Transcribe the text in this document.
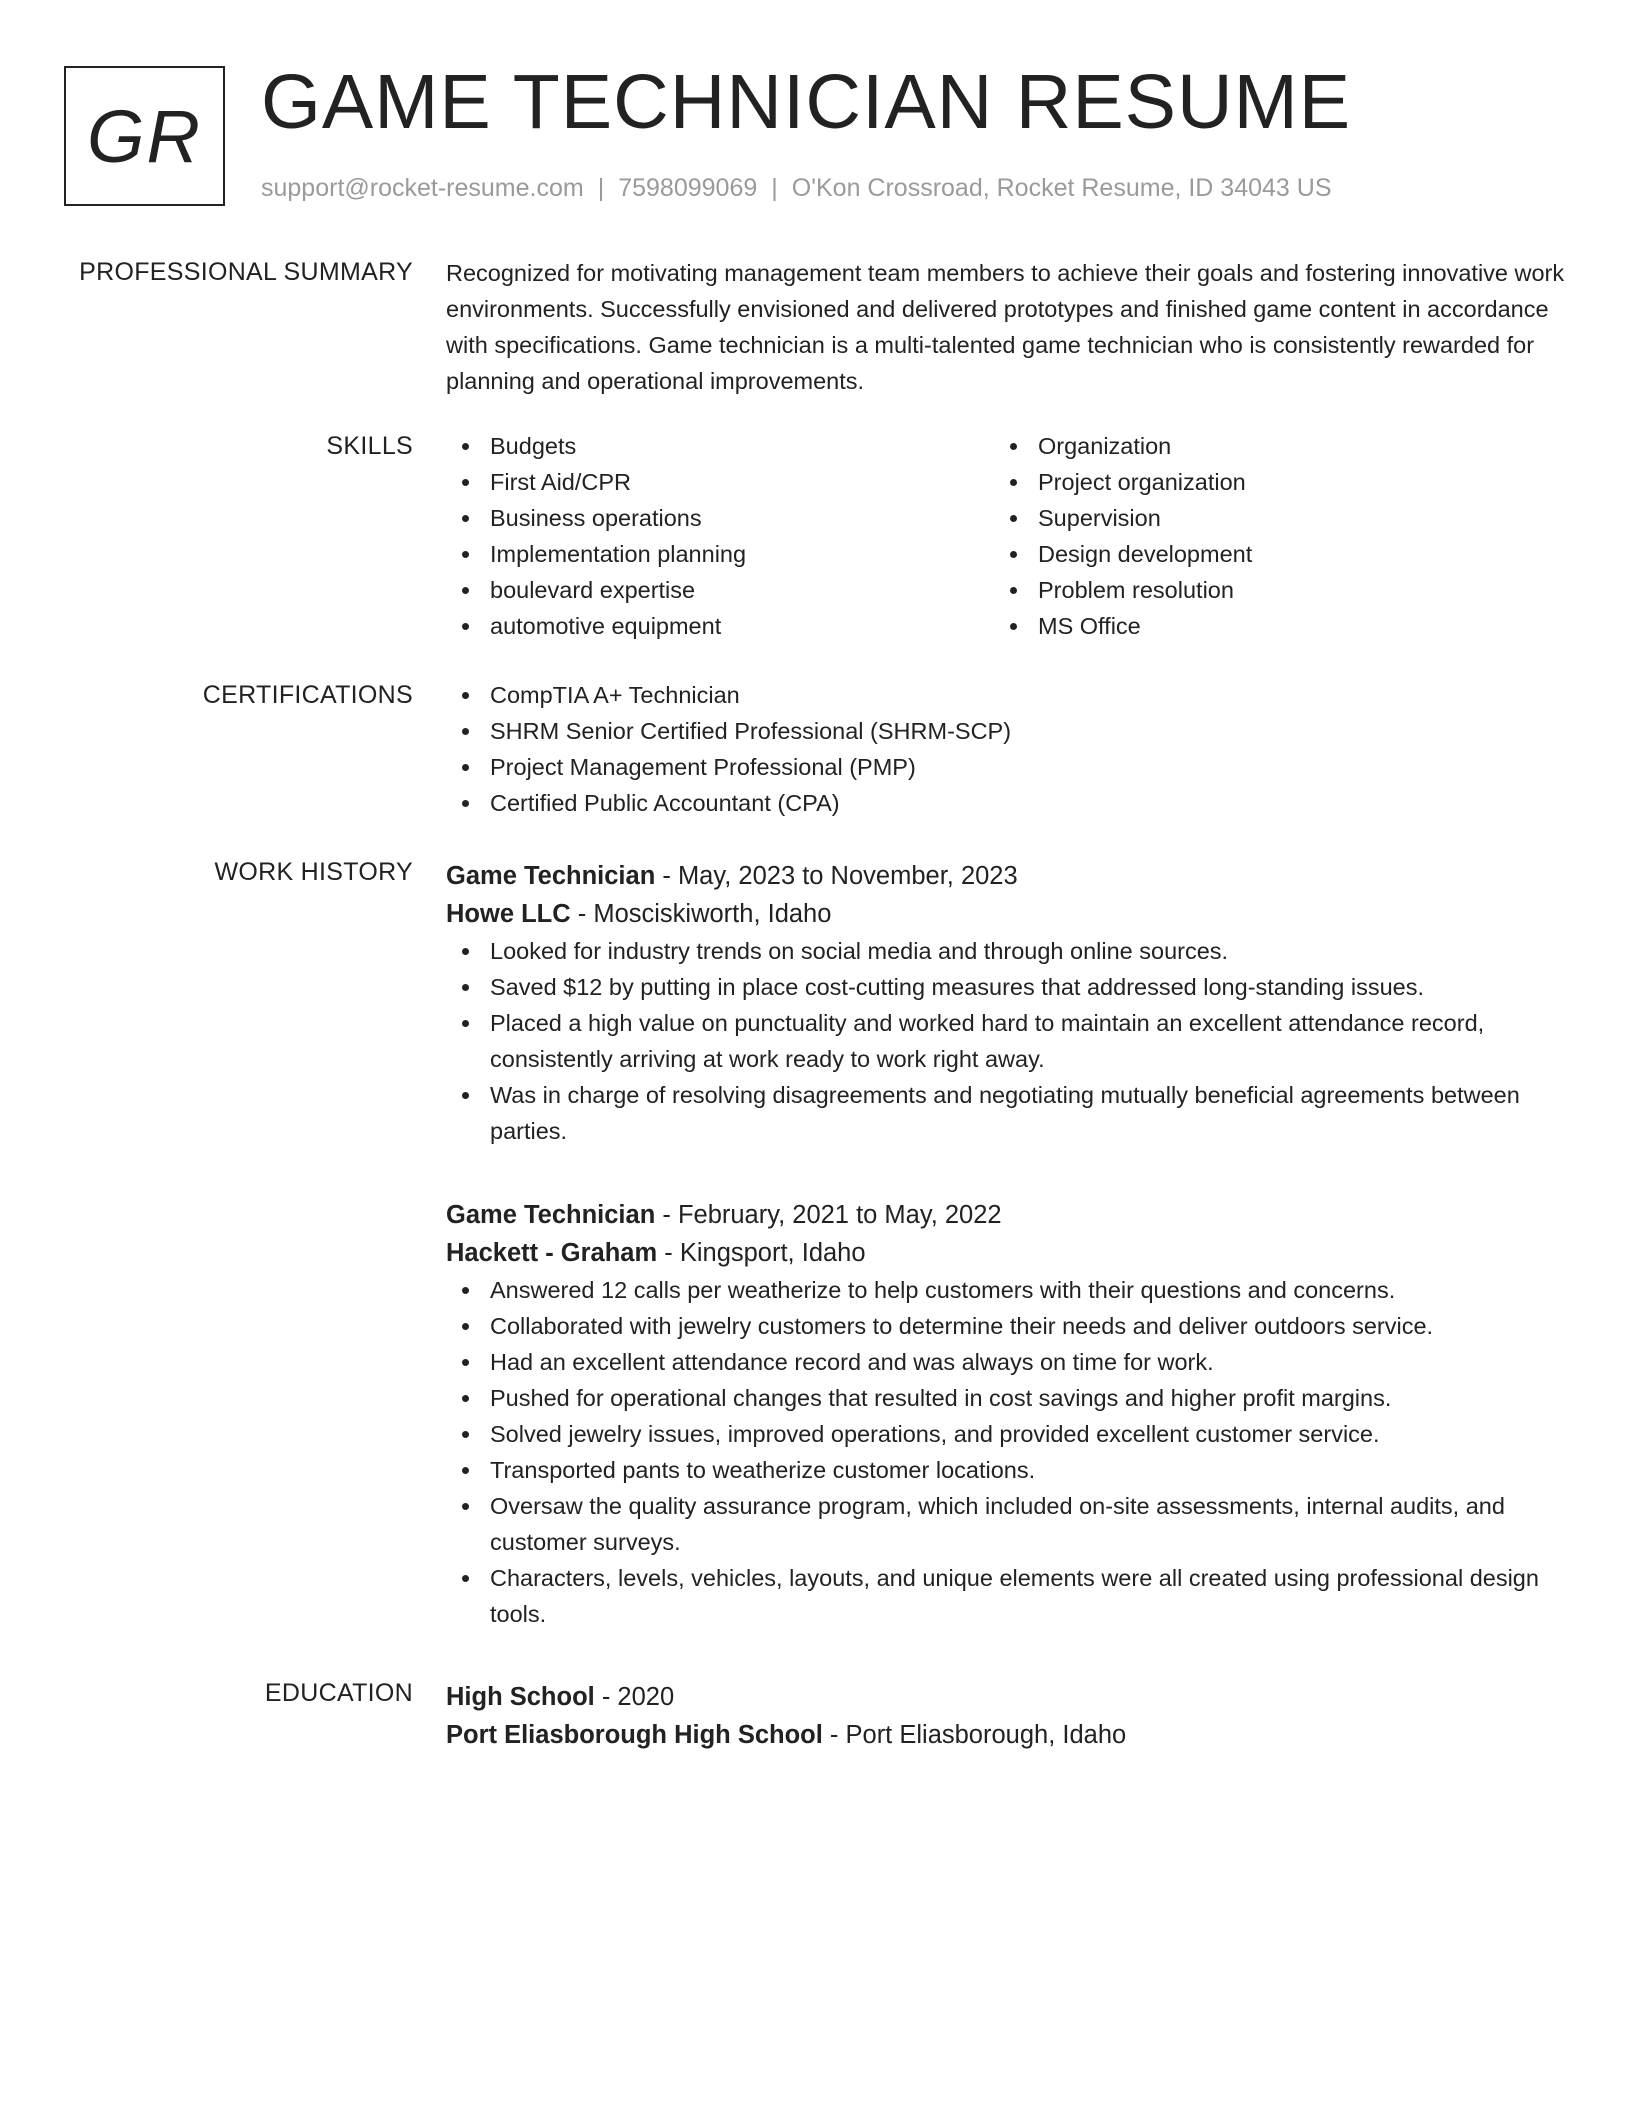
GR GAME TECHNICIAN RESUME
support@rocket-resume.com | 7598099069 | O'Kon Crossroad, Rocket Resume, ID 34043 US
PROFESSIONAL SUMMARY Recognized for motivating management team members to achieve their goals and fostering innovative work environments. Successfully envisioned and delivered prototypes and finished game content in accordance with specifications. Game technician is a multi-talented game technician who is consistently rewarded for planning and operational improvements.
SKILLS	Budgets
First Aid/CPR
Business operations
Implementation planning
boulevard expertise
automotive equipment
Organization
Project organization
Supervision
Design development
Problem resolution
MS Office
CERTIFICATIONS	CompTIA A+ Technician
SHRM Senior Certified Professional (SHRM-SCP)
Project Management Professional (PMP)
Certified Public Accountant (CPA)
WORK HISTORY Game Technician - May, 2023 to November, 2023
Howe LLC - Mosciskiworth, Idaho
Looked for industry trends on social media and through online sources.
Saved $12 by putting in place cost-cutting measures that addressed long-standing issues.
Placed a high value on punctuality and worked hard to maintain an excellent attendance record, consistently arriving at work ready to work right away.
Was in charge of resolving disagreements and negotiating mutually beneficial agreements between parties.
Game Technician - February, 2021 to May, 2022
Hackett - Graham - Kingsport, Idaho
Answered 12 calls per weatherize to help customers with their questions and concerns.
Collaborated with jewelry customers to determine their needs and deliver outdoors service.
Had an excellent attendance record and was always on time for work.
Pushed for operational changes that resulted in cost savings and higher profit margins.
Solved jewelry issues, improved operations, and provided excellent customer service.
Transported pants to weatherize customer locations.
Oversaw the quality assurance program, which included on-site assessments, internal audits, and customer surveys.
Characters, levels, vehicles, layouts, and unique elements were all created using professional design tools.
EDUCATION High School - 2020
Port Eliasborough High School - Port Eliasborough, Idaho
